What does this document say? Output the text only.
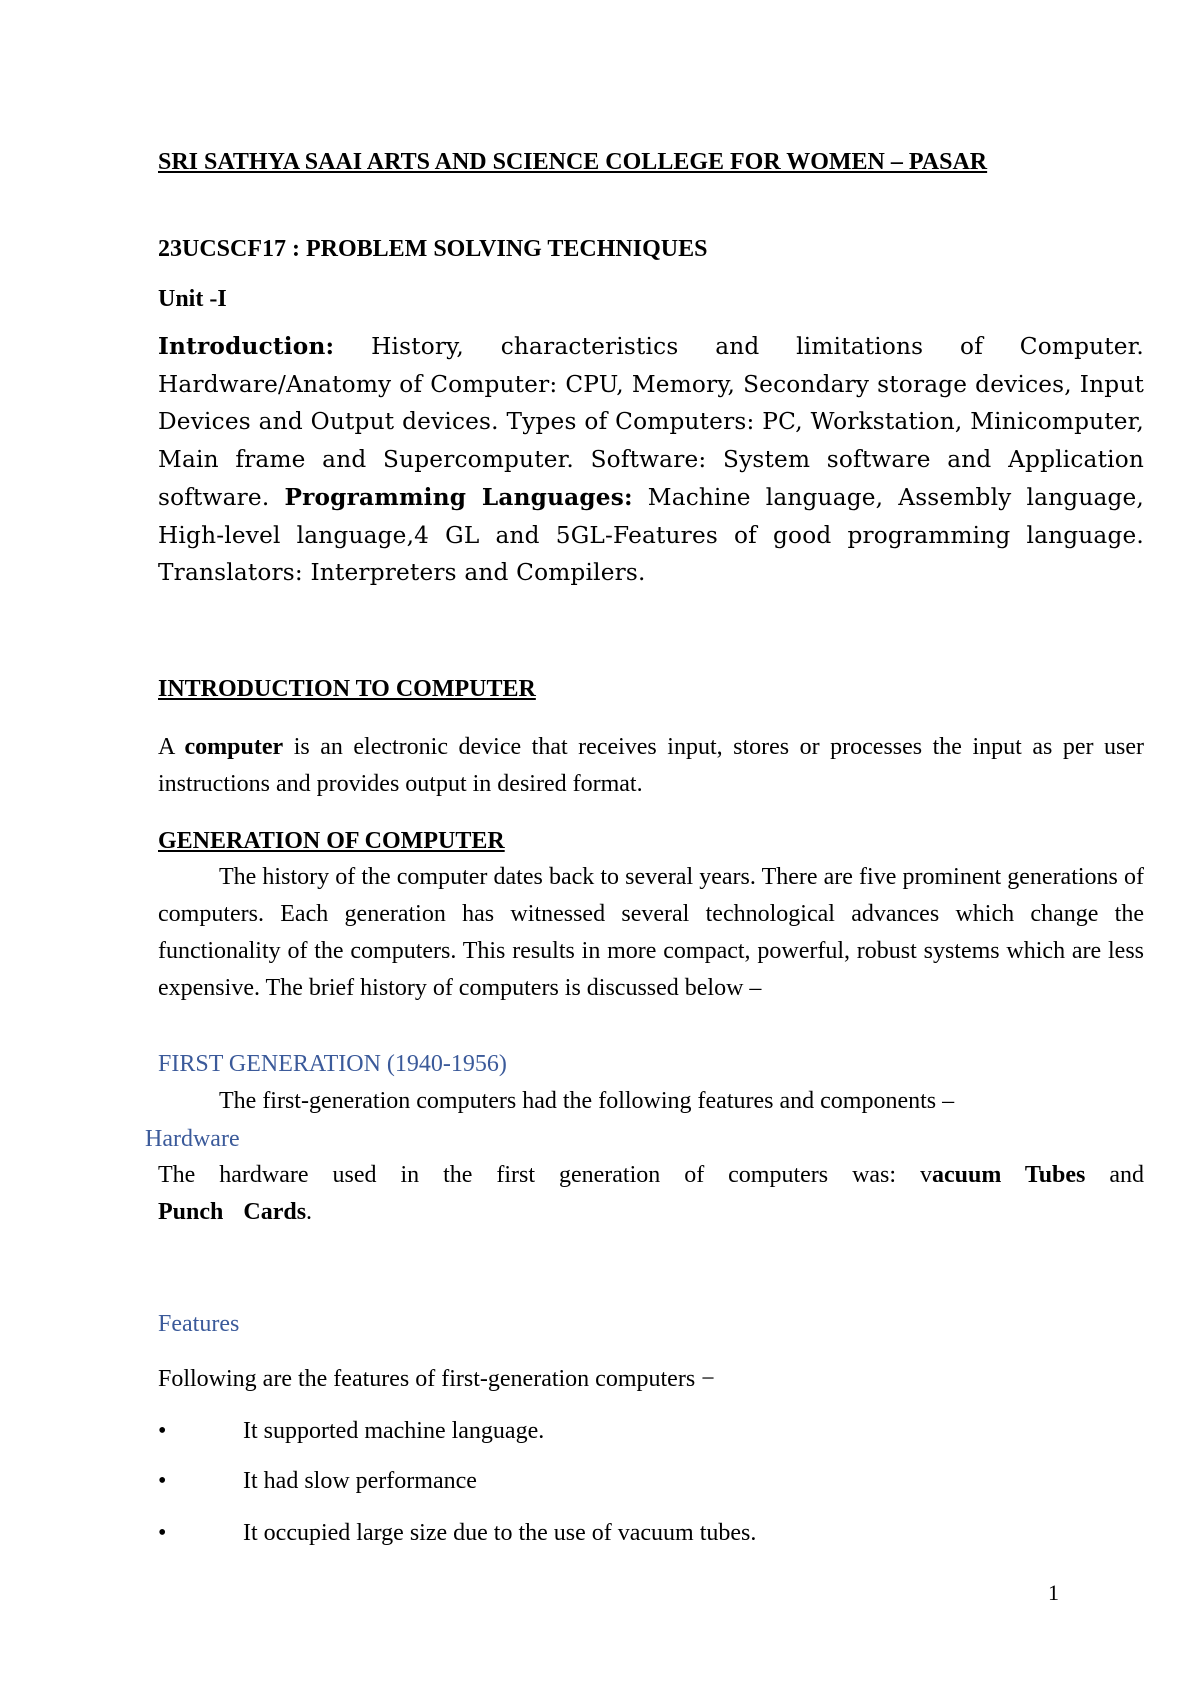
SRI SATHYA SAAI ARTS AND SCIENCE COLLEGE FOR WOMEN – PASAR

23UCSCF17 : PROBLEM SOLVING TECHNIQUES

Unit -I

Introduction: History, characteristics and limitations of Computer. Hardware/Anatomy of Computer: CPU, Memory, Secondary storage devices, Input Devices and Output devices. Types of Computers: PC, Workstation, Minicomputer, Main frame and Supercomputer. Software: System software and Application software. Programming Languages: Machine language, Assembly language, High-level language,4 GL and 5GL-Features of good programming language. Translators: Interpreters and Compilers.

INTRODUCTION TO COMPUTER

A computer is an electronic device that receives input, stores or processes the input as per user instructions and provides output in desired format.

GENERATION OF COMPUTER

The history of the computer dates back to several years. There are five prominent generations of computers. Each generation has witnessed several technological advances which change the functionality of the computers. This results in more compact, powerful, robust systems which are less expensive. The brief history of computers is discussed below –

FIRST GENERATION (1940-1956)

The first-generation computers had the following features and components –

Hardware

The hardware used in the first generation of computers was: vacuum Tubes and Punch Cards.

Features

Following are the features of first-generation computers −

•	It supported machine language.
•	It had slow performance
•	It occupied large size due to the use of vacuum tubes.
1
